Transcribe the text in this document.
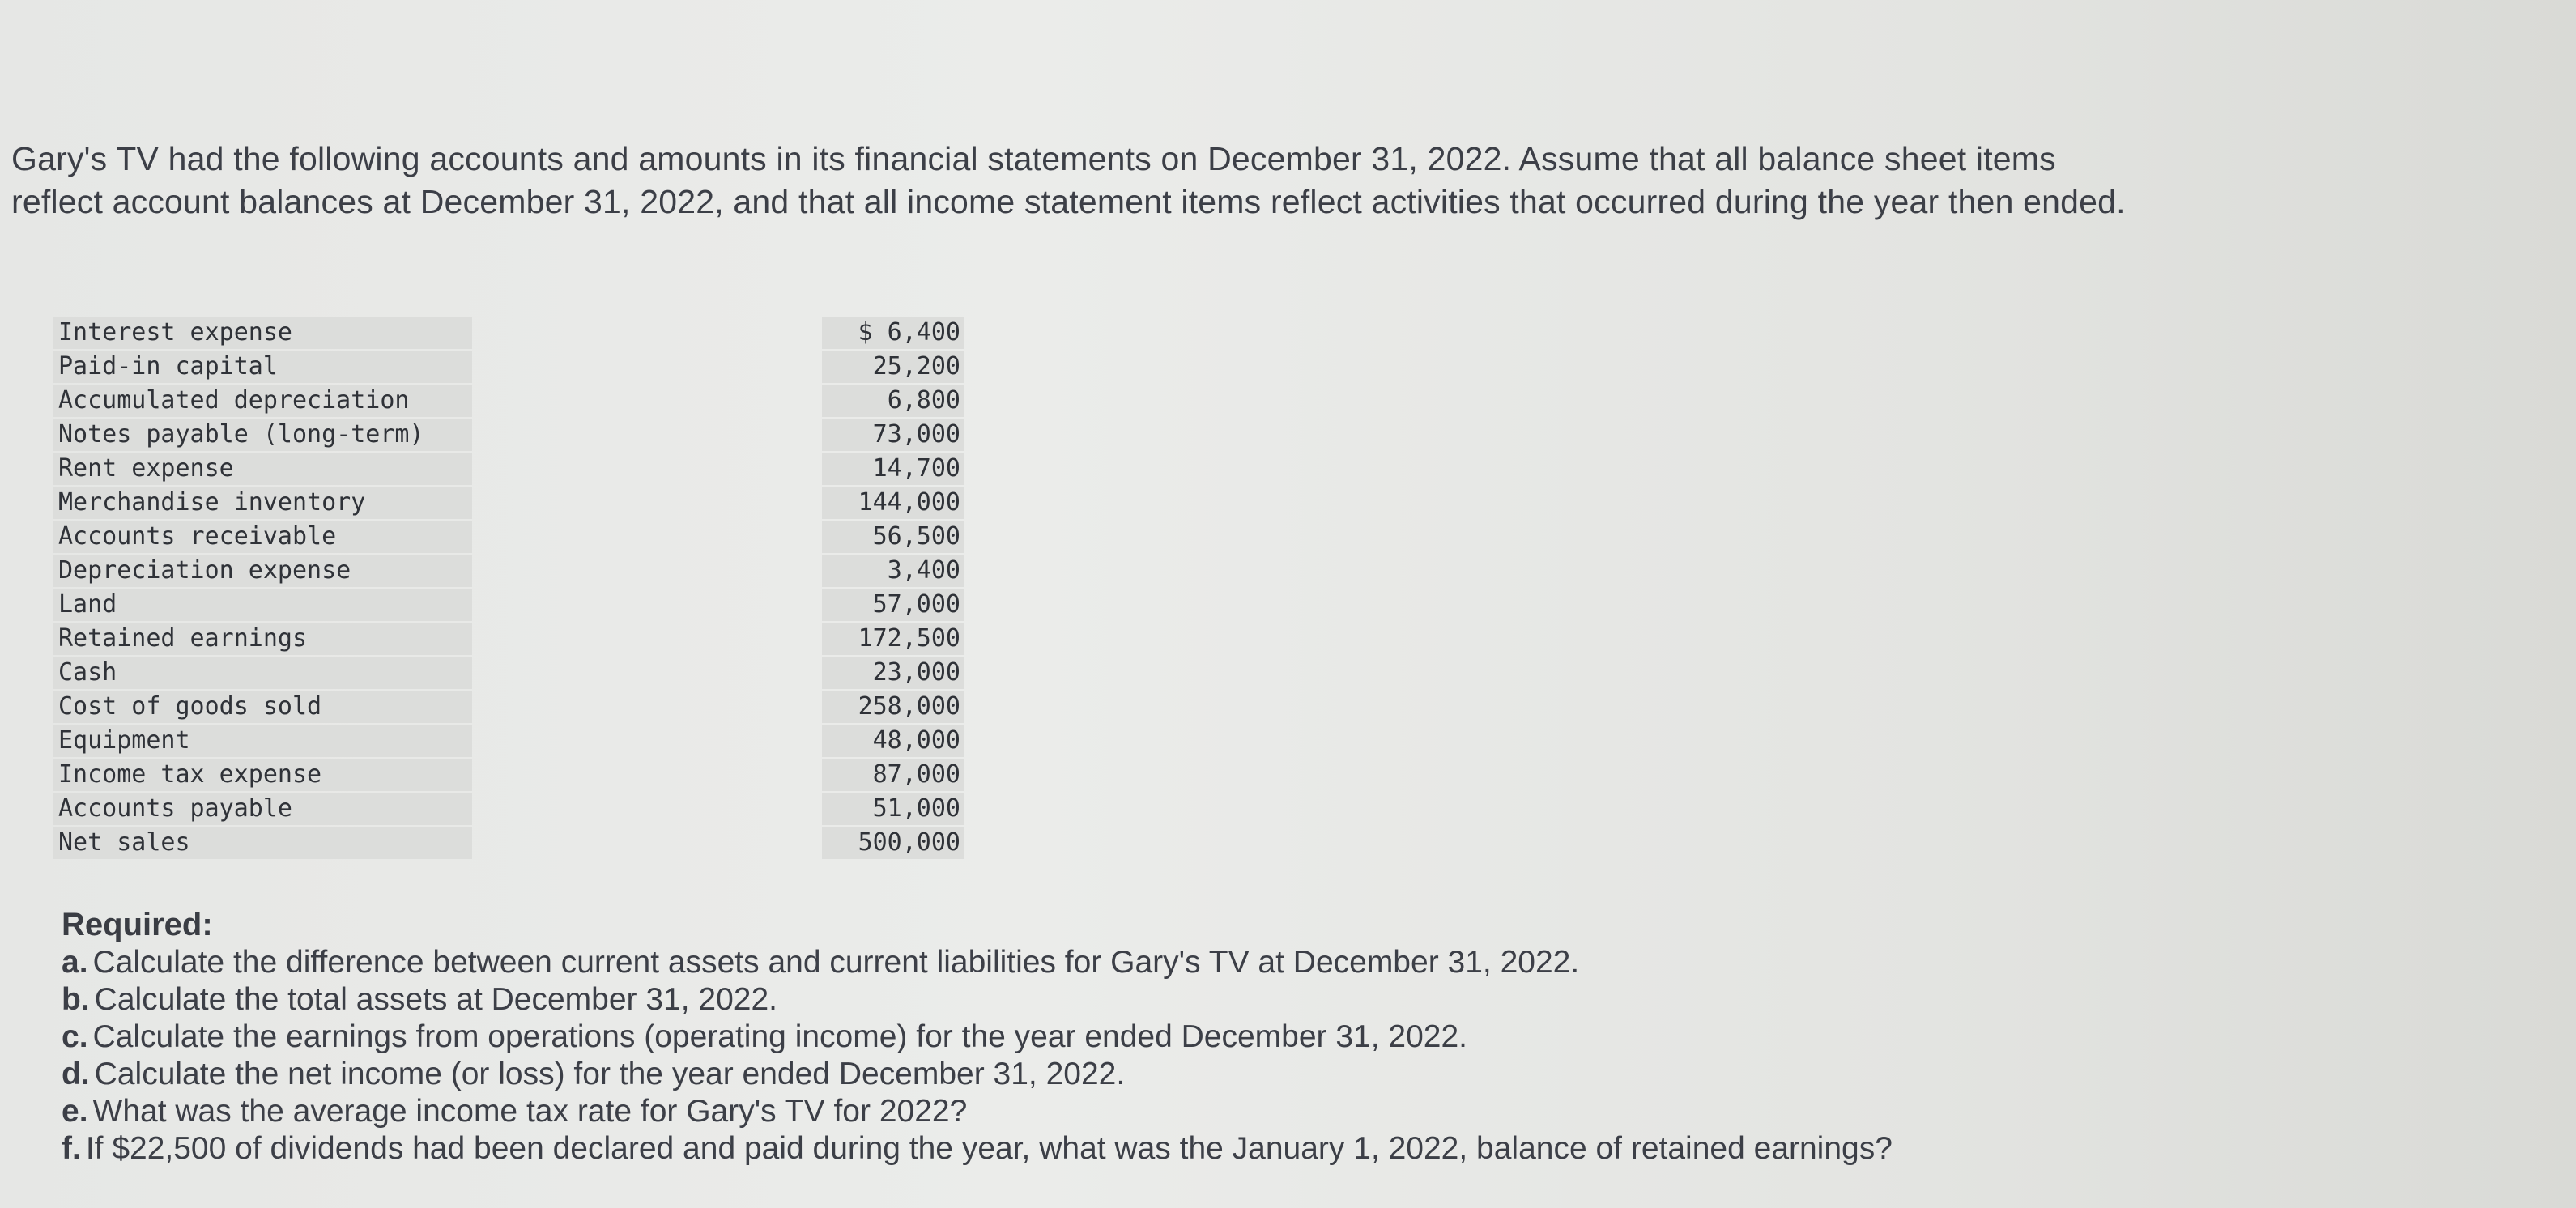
Gary's TV had the following accounts and amounts in its financial statements on December 31, 2022. Assume that all balance sheet items reflect account balances at December 31, 2022, and that all income statement items reflect activities that occurred during the year then ended.
Interest expense	$ 6,400
Paid-in capital	25,200
Accumulated depreciation	6,800
Notes payable (long-term)	73,000
Rent expense	14,700
Merchandise inventory	144,000
Accounts receivable	56,500
Depreciation expense	3,400
Land	57,000
Retained earnings	172,500
Cash	23,000
Cost of goods sold	258,000
Equipment	48,000
Income tax expense	87,000
Accounts payable	51,000
Net sales	500,000
Required:
a. Calculate the difference between current assets and current liabilities for Gary's TV at December 31, 2022.
b. Calculate the total assets at December 31, 2022.
c. Calculate the earnings from operations (operating income) for the year ended December 31, 2022.
d. Calculate the net income (or loss) for the year ended December 31, 2022.
e. What was the average income tax rate for Gary's TV for 2022?
f. If $22,500 of dividends had been declared and paid during the year, what was the January 1, 2022, balance of retained earnings?
